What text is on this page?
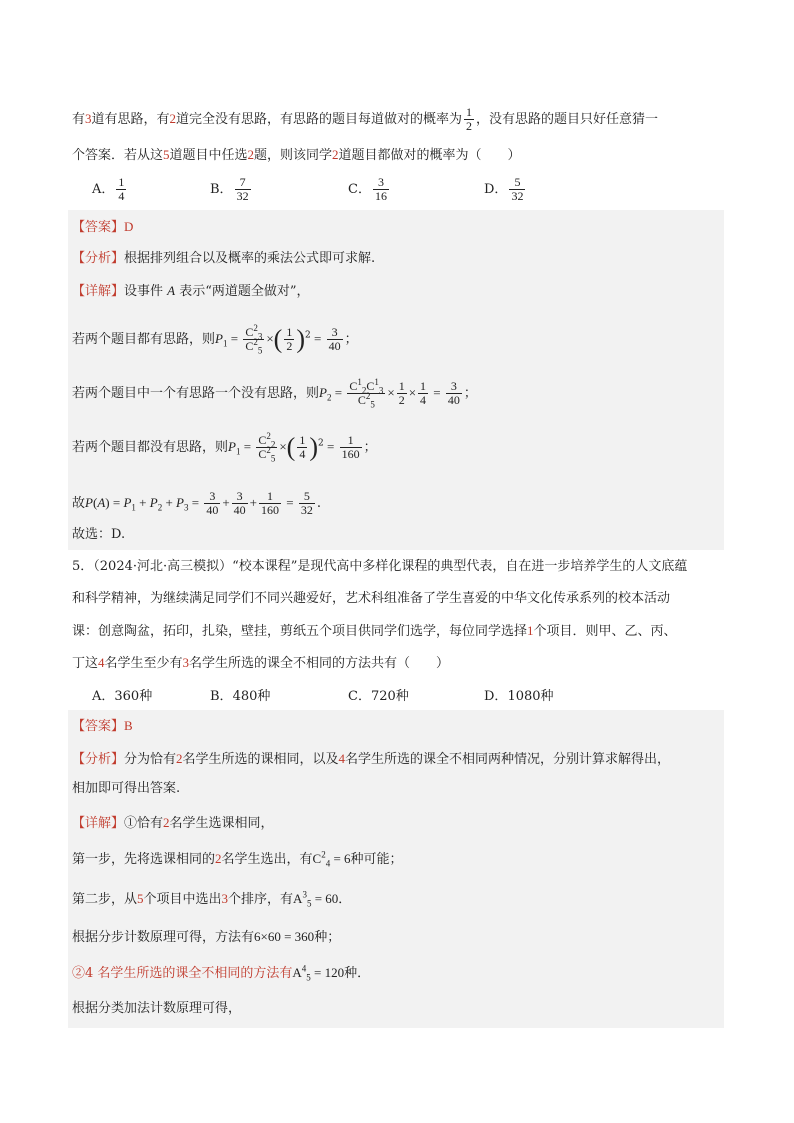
有3道有思路，有2道完全没有思路，有思路的题目每道做对的概率为 $\frac{1}{2}$ ，没有思路的题目只好任意猜一
个答案．若从这5道题目中任选2题，则该同学2道题目都做对的概率为（　　）
A． $\frac{1}{4}$	B． $\frac{7}{32}$	C． $\frac{3}{16}$	D． $\frac{5}{32}$
【答案】D
【分析】根据排列组合以及概率的乘法公式即可求解.
【详解】设事件 A 表示“两道题全做对”，
若两个题目都有思路，则$P_1 = \frac{C^2_3}{C^2_5}$ ×( $\frac{1}{2} )^2 = \frac{3}{40}$ ；
若两个题目中一个有思路一个没有思路，则$P_2 = \frac{C^1_2C^1_3}{C^2_5} \times \frac{1}{2} \times \frac{1}{4} = \frac{3}{40}$ ；
若两个题目都没有思路，则$P_1 = \frac{C^2_2}{C^2_5}$ ×( $\frac{1}{4} )^2 = \frac{1}{160}$ ；
故$P(A) = P_1 + P_2 + P_3 = \frac{3}{40} + \frac{3}{40} + \frac{1}{160} = \frac{5}{32}$ .
故选：D.
5．（2024·河北·高三模拟）“校本课程”是现代高中多样化课程的典型代表，自在进一步培养学生的人文底蕴
和科学精神，为继续满足同学们不同兴趣爱好，艺术科组准备了学生喜爱的中华文化传承系列的校本活动
课：创意陶盆，拓印，扎染，壁挂，剪纸五个项目供同学们选学，每位同学选择1个项目．则甲、乙、丙、
丁这4名学生至少有3名学生所选的课全不相同的方法共有（　　）
A．360种	B．480种	C．720种	D．1080种
【答案】B
【分析】分为恰有2名学生所选的课相同，以及4名学生所选的课全不相同两种情况，分别计算求解得出，
相加即可得出答案.
【详解】①恰有2名学生选课相同，
第一步，先将选课相同的2名学生选出，有$C^2_4 = 6$种可能；
第二步，从5个项目中选出3个排序，有$A^3_5 = 60$．
根据分步计数原理可得，方法有6×60 = 360种；
②4 名学生所选的课全不相同的方法有$A^4_5 = 120$种．
根据分类加法计数原理可得，
